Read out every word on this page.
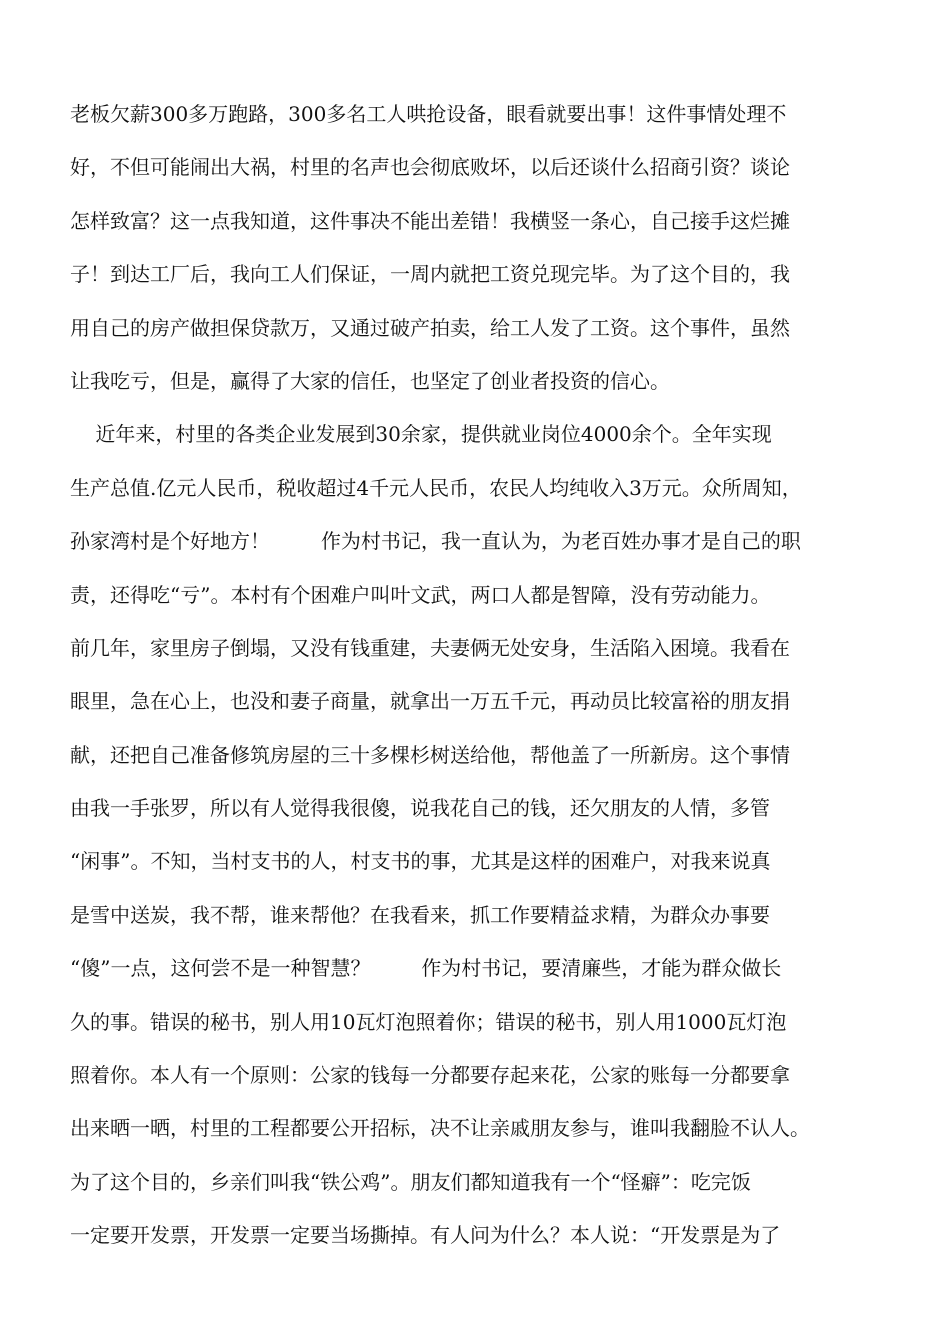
老板欠薪300多万跑路，300多名工人哄抢设备，眼看就要出事！这件事情处理不
好，不但可能闹出大祸，村里的名声也会彻底败坏，以后还谈什么招商引资？谈论
怎样致富？这一点我知道，这件事决不能出差错！我横竖一条心，自己接手这烂摊
子！到达工厂后，我向工人们保证，一周内就把工资兑现完毕。为了这个目的，我
用自己的房产做担保贷款万，又通过破产拍卖，给工人发了工资。这个事件，虽然
让我吃亏，但是，赢得了大家的信任，也坚定了创业者投资的信心。
近年来，村里的各类企业发展到30余家，提供就业岗位4000余个。全年实现
生产总值.亿元人民币，税收超过4千元人民币，农民人均纯收入3万元。众所周知，
孙家湾村是个好地方！        作为村书记，我一直认为，为老百姓办事才是自己的职
责，还得吃“亏”。本村有个困难户叫叶文武，两口人都是智障，没有劳动能力。
前几年，家里房子倒塌，又没有钱重建，夫妻俩无处安身，生活陷入困境。我看在
眼里，急在心上，也没和妻子商量，就拿出一万五千元，再动员比较富裕的朋友捐
献，还把自己准备修筑房屋的三十多棵杉树送给他，帮他盖了一所新房。这个事情
由我一手张罗，所以有人觉得我很傻，说我花自己的钱，还欠朋友的人情，多管
“闲事”。不知，当村支书的人，村支书的事，尤其是这样的困难户，对我来说真
是雪中送炭，我不帮，谁来帮他？在我看来，抓工作要精益求精，为群众办事要
“傻”一点，这何尝不是一种智慧？        作为村书记，要清廉些，才能为群众做长
久的事。错误的秘书，别人用10瓦灯泡照着你；错误的秘书，别人用1000瓦灯泡
照着你。本人有一个原则：公家的钱每一分都要存起来花，公家的账每一分都要拿
出来晒一晒，村里的工程都要公开招标，决不让亲戚朋友参与，谁叫我翻脸不认人。
为了这个目的，乡亲们叫我“铁公鸡”。朋友们都知道我有一个“怪癖”：吃完饭
一定要开发票，开发票一定要当场撕掉。有人问为什么？本人说：“开发票是为了
